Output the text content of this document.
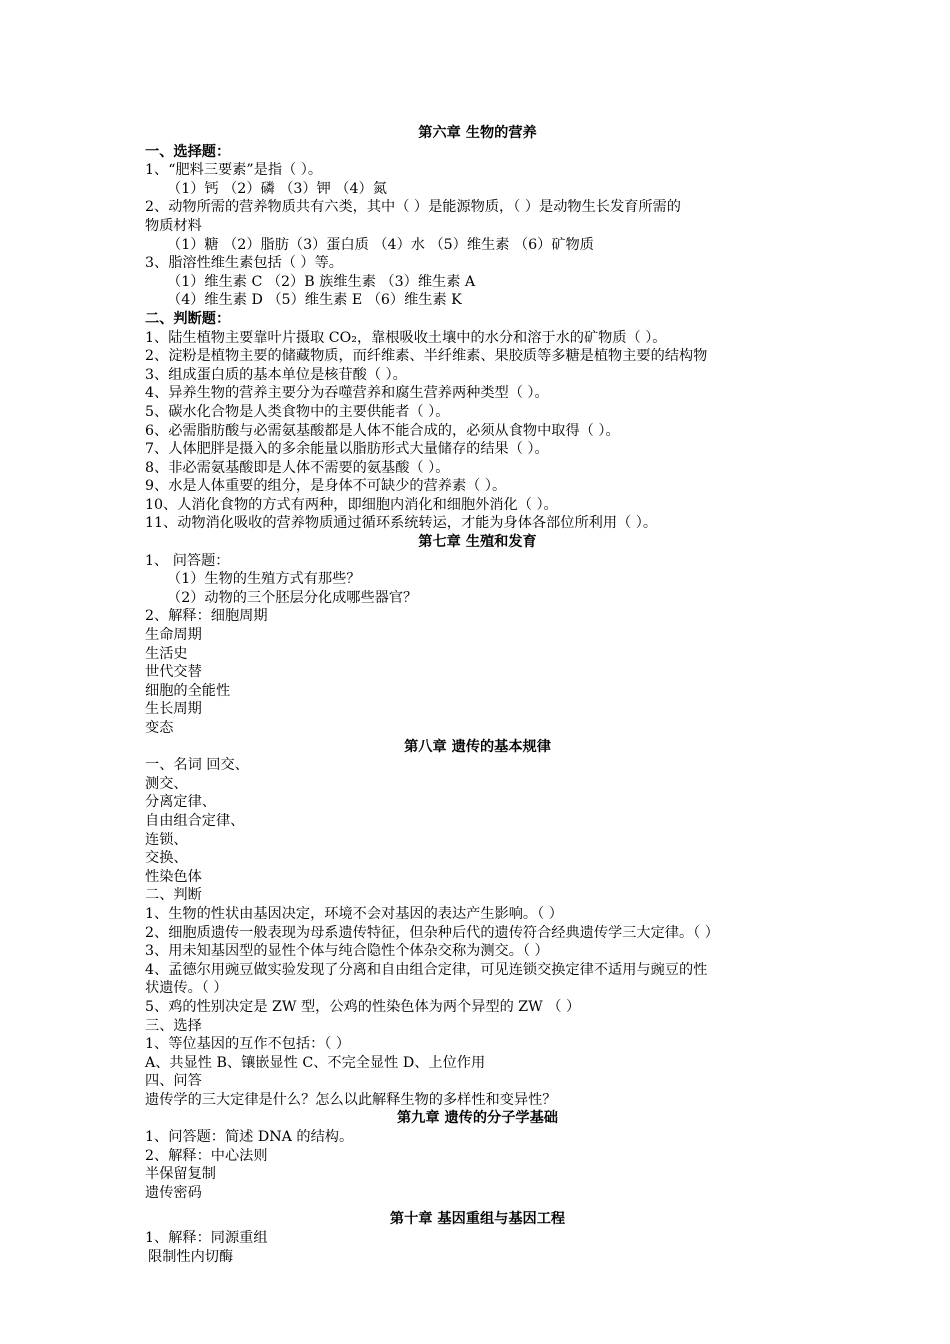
第六章 生物的营养
一、选择题：
1、“肥料三要素”是指（ ）。
（1）钙 （2）磷 （3）钾 （4）氮
2、动物所需的营养物质共有六类，其中（ ）是能源物质，（ ）是动物生长发育所需的
物质材料
（1）糖 （2）脂肪（3）蛋白质 （4）水 （5）维生素 （6）矿物质
3、脂溶性维生素包括（ ）等。
（1）维生素 C （2）B 族维生素 （3）维生素 A
（4）维生素 D （5）维生素 E （6）维生素 K
二、判断题：
1、陆生植物主要靠叶片摄取 CO₂，靠根吸收土壤中的水分和溶于水的矿物质（ ）。
2、淀粉是植物主要的储藏物质，而纤维素、半纤维素、果胶质等多糖是植物主要的结构物
3、组成蛋白质的基本单位是核苷酸（ ）。
4、异养生物的营养主要分为吞噬营养和腐生营养两种类型（ ）。
5、碳水化合物是人类食物中的主要供能者（ ）。
6、必需脂肪酸与必需氨基酸都是人体不能合成的，必须从食物中取得（ ）。
7、人体肥胖是摄入的多余能量以脂肪形式大量储存的结果（ ）。
8、非必需氨基酸即是人体不需要的氨基酸（ ）。
9、水是人体重要的组分，是身体不可缺少的营养素（ ）。
10、人消化食物的方式有两种，即细胞内消化和细胞外消化（ ）。
11、动物消化吸收的营养物质通过循环系统转运，才能为身体各部位所利用（ ）。
第七章 生殖和发育
1、 问答题：
（1）生物的生殖方式有那些？
（2）动物的三个胚层分化成哪些器官？
2、解释：细胞周期
生命周期
生活史
世代交替
细胞的全能性
生长周期
变态
第八章 遗传的基本规律
一、名词 回交、
测交、
分离定律、
自由组合定律、
连锁、
交换、
性染色体
二、判断
1、生物的性状由基因决定，环境不会对基因的表达产生影响。（ ）
2、细胞质遗传一般表现为母系遗传特征，但杂种后代的遗传符合经典遗传学三大定律。（ ）
3、用未知基因型的显性个体与纯合隐性个体杂交称为测交。（ ）
4、孟德尔用豌豆做实验发现了分离和自由组合定律，可见连锁交换定律不适用与豌豆的性
状遗传。（ ）
5、鸡的性别决定是 ZW 型，公鸡的性染色体为两个异型的 ZW （ ）
三、选择
1、等位基因的互作不包括：（ ）
A、共显性 B、镶嵌显性 C、不完全显性 D、上位作用
四、问答
遗传学的三大定律是什么？怎么以此解释生物的多样性和变异性？
第九章 遗传的分子学基础
1、问答题：简述 DNA 的结构。
2、解释：中心法则
半保留复制
遗传密码
第十章 基因重组与基因工程
1、解释：同源重组
限制性内切酶
